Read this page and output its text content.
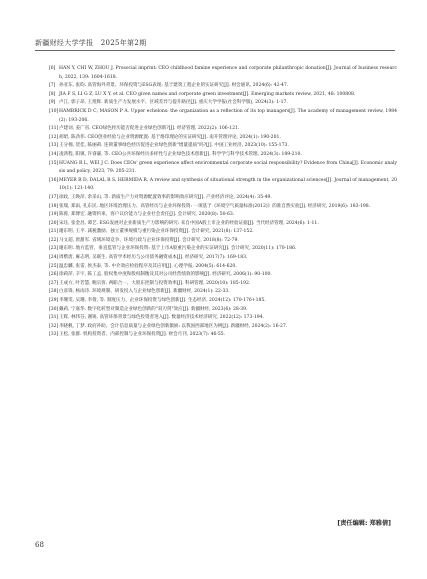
新疆财经大学学报　2025年第2期
[6] HAN Y, CHI W, ZHOU J. Prosocial imprint: CEO childhood famine experience and corporate philanthropic donation[J]. Journal of business research, 2022, 139: 1604-1618.
[7] 孙亚东, 张昀. 高管海外背景、环保投资与ESG表现: 基于建筑工程企业的实证研究[J]. 财会通讯, 2024(6): 42-47.
[8] JIA F S, LI G Z, LU X Y, et al. CEO given names and corporate green investment[J]. Emerging markets review, 2021, 48: 100808.
[9] 卢江, 郭子昂, 王煌辉. 新质生产力发展水平、区域差异与提升路径[J]. 重庆大学学报(社会科学版), 2024(3): 1-17.
[10] HAMBRICK D C, MASON P A. Upper echelons: the organization as a reflection of its top managers[J]. The academy of management review, 1984(2): 193-206.
[11] 卢建词, 姜广省. CEO绿色经历能否促进企业绿色创新?[J]. 经济管理, 2022(2): 106-121.
[12] 胡珺, 陈劲伟. CEO创业经验与企业资源配置: 基于烙印理论的实证研究[J]. 南开管理评论, 2024(1): 190-201.
[13] 王分棉, 贺佳, 陈丽莉. 连锁董事绿色经历促进企业绿色创新"增量提质"吗?[J]. 中国工业经济, 2023(10): 155-173.
[14] 凌鸿程, 阳镇, 许睿谦, 等. CEO公共环保经历多样性与企业绿色技术创新[J]. 科学学与科学技术管理, 2024(3): 189-210.
[15] HUANG R L, WEI J C. Does CEOs' green experience affect environmental corporate social responsibility? Evidence from China[J]. Economic analysis and policy, 2023, 79: 205-231.
[16] MEYER R D, DALAL R S, HERMIDA R. A review and synthesis of situational strength in the organizational sciences[J]. Journal of management, 2010(1): 121-140.
[17] 徐政, 王焕萍, 余采山, 等. 新质生产力对资源配置效率的影响效应研究[J]. 产业经济评论, 2024(4): 35-49.
[18] 张瑞, 郑雨, 孔东民. 地区环境治理压力、高管经历与企业环保投资: 一项基于《环境空气质量标准(2012)》的准自然实验[J]. 经济研究, 2019(6): 183-198.
[19] 陈蓉, 郑博宏. 融资约束、客户议价能力与企业社会责任[J]. 会计研究, 2020(8): 50-63.
[20] 宋珏, 张金昌, 谭艺. ESG发展对企业新质生产力影响的研究: 来自中国A股上市企业的经验证据[J]. 当代经济管理, 2024(6): 1-11.
[21] 谢东明, 王平. 减税激励、独立董事规模与重污染企业环保投资[J]. 会计研究, 2021(8): 137-152.
[22] 马文超, 唐甜军. 省域环境竞争、环境行政与企业环保投资[J]. 会计研究, 2018(8): 72-79.
[23] 谢东明. 地方监管、垂直监管与企业环保投资: 基于上市A股重污染企业的实证研究[J]. 会计研究, 2020(11): 170-186.
[24] 周楷唐, 麻志明, 吴联生. 高管学术经历与公司债务融资成本[J]. 经济研究, 2017(7): 169-183.
[25] 温忠麟, 张雷, 侯杰泰, 等. 中介效应检验程序及其应用[J]. 心理学报, 2004(5): 614-620.
[26] 徐莉萍, 辛宇, 陈工孟. 股权集中度和股权制衡及其对公司经营绩效的影响[J]. 经济研究, 2006(1): 90-100.
[27] 王成方, 叶若慧, 鲍宗客. 两职合一、大股东控制与投资效率[J]. 科研管理, 2020(10): 185-192.
[28] 白彦锋, 杨雨诗. 环境规制、研发投入与企业绿色创新[J]. 新疆财经, 2024(1): 22-33.
[29] 李珊雯, 吴珊, 李倩, 等. 制度压力、企业环保投资与绿色创新[J]. 生态经济, 2024(12): 170-176+185.
[30] 戴莉, 宁嘉华. 数字化转型对制造企业绿色创新的"双刃剑"效应[J]. 新疆财经, 2023(6): 28-39.
[31] 王辉, 林伟芬, 谢锐. 高管环保背景与绿色投资者进入[J]. 数量经济技术经济研究, 2022(12): 173-194.
[32] 李晓帆, 丁梦. 政府补助、会计信息质量与企业绿色创新激励: 以我国西部地区为例[J]. 新疆财经, 2024(2): 16-27.
[33] 王松, 张群. 机构投资者、内部控制与企业环保投资[J]. 财会月刊, 2023(7): 46-55.
[责任编辑: 郑雅倩]
68
